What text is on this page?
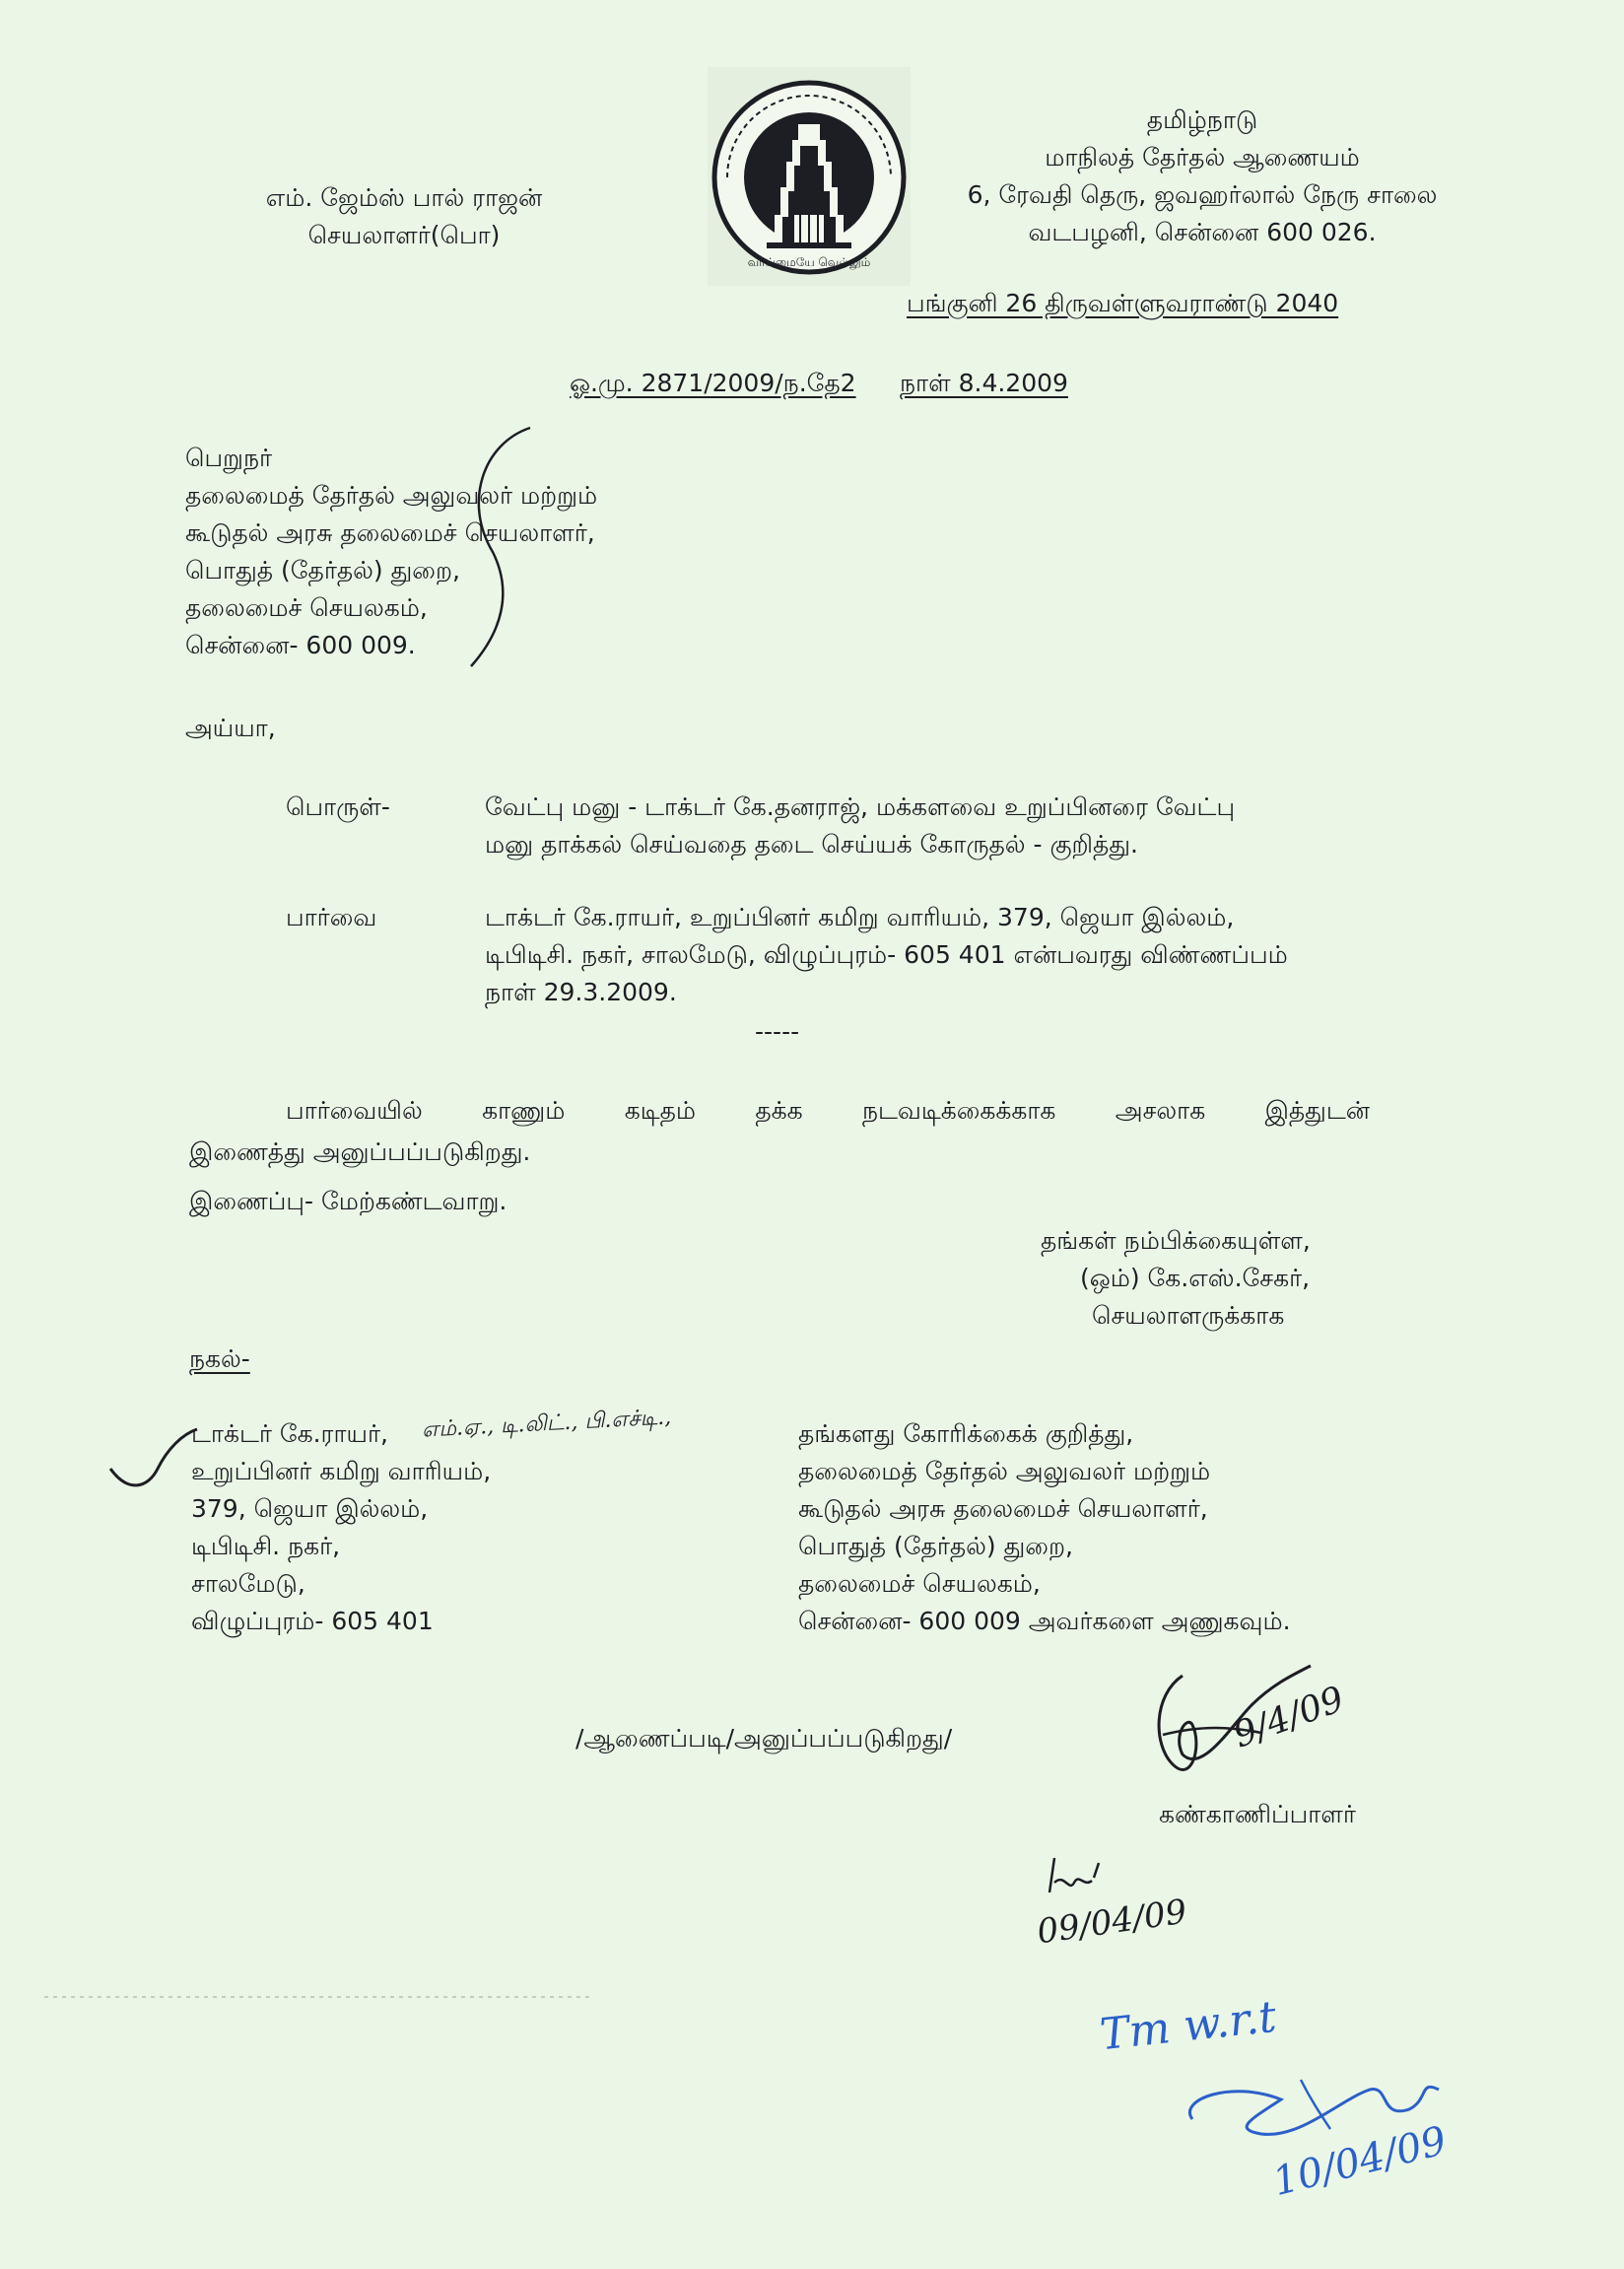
எம். ஜேம்ஸ் பால் ராஜன்
செயலாளர்(பொ)
வாய்மையே வெல்லும்
தமிழ்நாடு
மாநிலத் தேர்தல் ஆணையம்
6, ரேவதி தெரு, ஜவஹர்லால் நேரு சாலை
வடபழனி, சென்னை 600 026.
பங்குனி 26 திருவள்ளுவராண்டு 2040
ஓ.மு. 2871/2009/ந.தே2 நாள் 8.4.2009
பெறுநர்
தலைமைத் தேர்தல் அலுவலர் மற்றும்
கூடுதல் அரசு தலைமைச் செயலாளர்,
பொதுத் (தேர்தல்) துறை,
தலைமைச் செயலகம்,
சென்னை- 600 009.
அய்யா,
பொருள்-	வேட்பு மனு - டாக்டர் கே.தனராஜ், மக்களவை உறுப்பினரை வேட்பு
மனு தாக்கல் செய்வதை தடை செய்யக் கோருதல் - குறித்து.
பார்வை	டாக்டர் கே.ராயர், உறுப்பினர் கமிறு வாரியம், 379, ஜெயா இல்லம்,
டிபிடிசி. நகர், சாலமேடு, விழுப்புரம்- 605 401 என்பவரது விண்ணப்பம்
நாள் 29.3.2009.
-----
பார்வையில் காணும் கடிதம் தக்க நடவடிக்கைக்காக அசலாக இத்துடன்
இணைத்து அனுப்பப்படுகிறது.
இணைப்பு- மேற்கண்டவாறு.
தங்கள் நம்பிக்கையுள்ள,
(ஒம்) கே.எஸ்.சேகர்,
செயலாளருக்காக
நகல்-
டாக்டர் கே.ராயர்,
உறுப்பினர் கமிறு வாரியம்,
379, ஜெயா இல்லம்,
டிபிடிசி. நகர்,
சாலமேடு,
விழுப்புரம்- 605 401
தங்களது கோரிக்கைக் குறித்து,
தலைமைத் தேர்தல் அலுவலர் மற்றும்
கூடுதல் அரசு தலைமைச் செயலாளர்,
பொதுத் (தேர்தல்) துறை,
தலைமைச் செயலகம்,
சென்னை- 600 009 அவர்களை அணுகவும்.
எம்.ஏ., டி.லிட்., பி.எச்டி.,
/ஆணைப்படி/அனுப்பப்படுகிறது/
கண்காணிப்பாளர்
9/4/09
09/04/09
Tm w.r.t
10/04/09
